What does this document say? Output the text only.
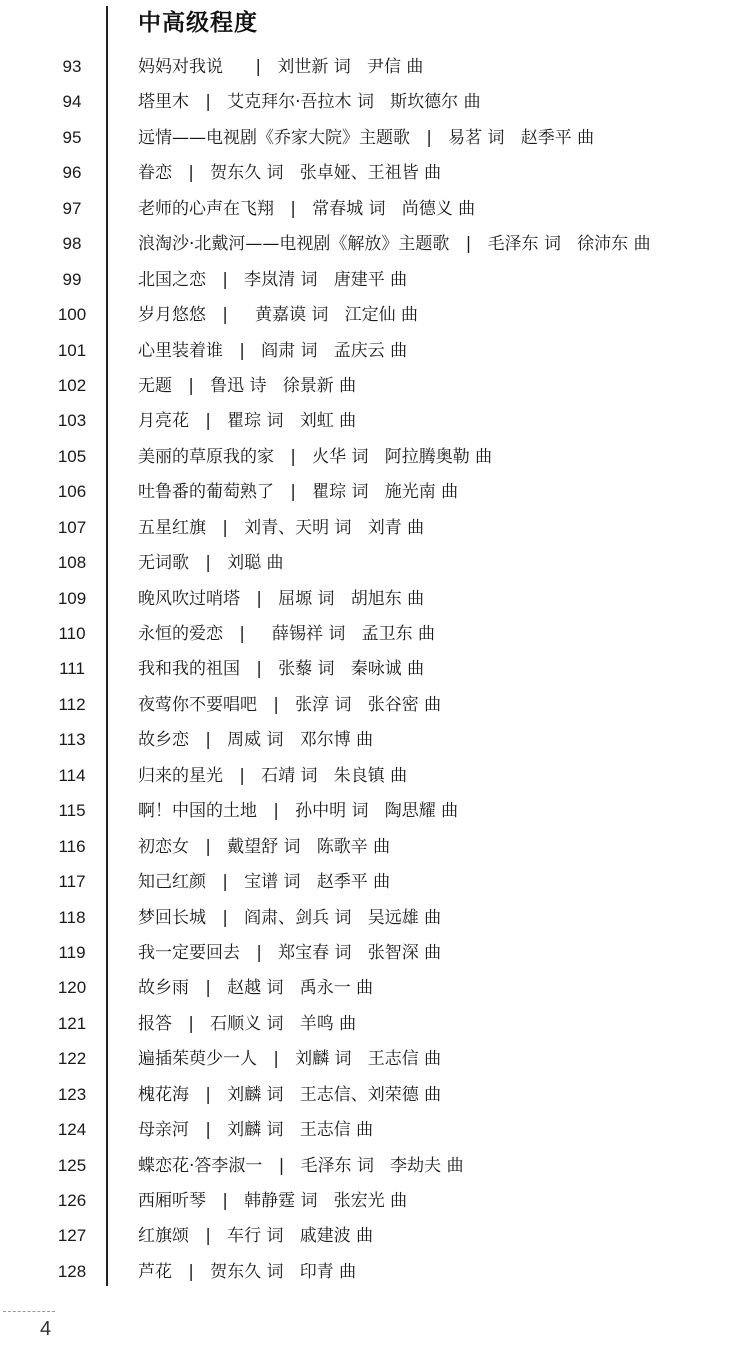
91	中高级程度
93	妈妈对我说      |   刘世新 词   尹信 曲
94	塔里木   |   艾克拜尔·吾拉木 词   斯坎德尔 曲
95	远情——电视剧《乔家大院》主题歌   |   易茗 词   赵季平 曲
96	眷恋   |   贺东久 词   张卓娅、王祖皆 曲
97	老师的心声在飞翔   |   常春城 词   尚德义 曲
98	浪淘沙·北戴河——电视剧《解放》主题歌   |   毛泽东 词   徐沛东 曲
99	北国之恋   |   李岚清 词   唐建平 曲
100	岁月悠悠   |     黄嘉谟 词   江定仙 曲
101	心里装着谁   |   阎肃 词   孟庆云 曲
102	无题   |   鲁迅 诗   徐景新 曲
103	月亮花   |   瞿琮 词   刘虹 曲
105	美丽的草原我的家   |   火华 词   阿拉腾奥勒 曲
106	吐鲁番的葡萄熟了   |   瞿琮 词   施光南 曲
107	五星红旗   |   刘青、天明 词   刘青 曲
108	无词歌   |   刘聪 曲
109	晚风吹过哨塔   |   屈塬 词   胡旭东 曲
110	永恒的爱恋   |     薛锡祥 词   孟卫东 曲
111	我和我的祖国   |   张藜 词   秦咏诚 曲
112	夜莺你不要唱吧   |   张淳 词   张谷密 曲
113	故乡恋   |   周威 词   邓尔博 曲
114	归来的星光   |   石靖 词   朱良镇 曲
115	啊！中国的土地   |   孙中明 词   陶思耀 曲
116	初恋女   |   戴望舒 词   陈歌辛 曲
117	知己红颜   |   宝谱 词   赵季平 曲
118	梦回长城   |   阎肃、剑兵 词   吴远雄 曲
119	我一定要回去   |   郑宝春 词   张智深 曲
120	故乡雨   |   赵越 词   禹永一 曲
121	报答   |   石顺义 词   羊鸣 曲
122	遍插茱萸少一人   |   刘麟 词   王志信 曲
123	槐花海   |   刘麟 词   王志信、刘荣德 曲
124	母亲河   |   刘麟 词   王志信 曲
125	蝶恋花·答李淑一   |   毛泽东 词   李劫夫 曲
126	西厢听琴   |   韩静霆 词   张宏光 曲
127	红旗颂   |   车行 词   戚建波 曲
128	芦花   |   贺东久 词   印青 曲
4
